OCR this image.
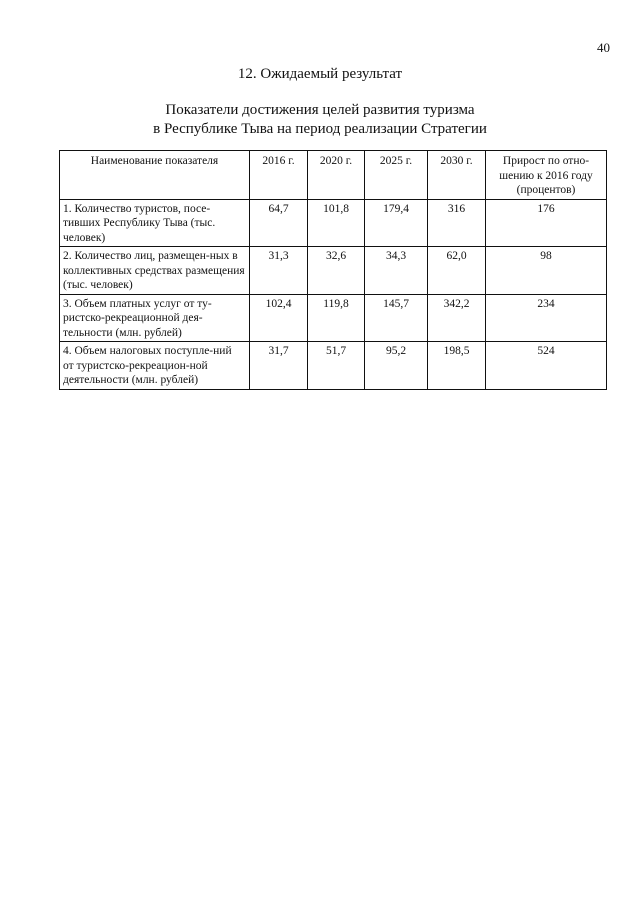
40
12. Ожидаемый результат
Показатели достижения целей развития туризма
в Республике Тыва на период реализации Стратегии
Наименование показателя	2016 г.	2020 г.	2025 г.	2030 г.	Прирост по отно-шению к 2016 году (процентов)
1. Количество туристов, посе-тивших Республику Тыва (тыс. человек)	64,7	101,8	179,4	316	176
2. Количество лиц, размещен-ных в коллективных средствах размещения (тыс. человек)	31,3	32,6	34,3	62,0	98
3. Объем платных услуг от ту-ристско-рекреационной дея-тельности (млн. рублей)	102,4	119,8	145,7	342,2	234
4. Объем налоговых поступле-ний от туристско-рекреацион-ной деятельности (млн. рублей)	31,7	51,7	95,2	198,5	524
